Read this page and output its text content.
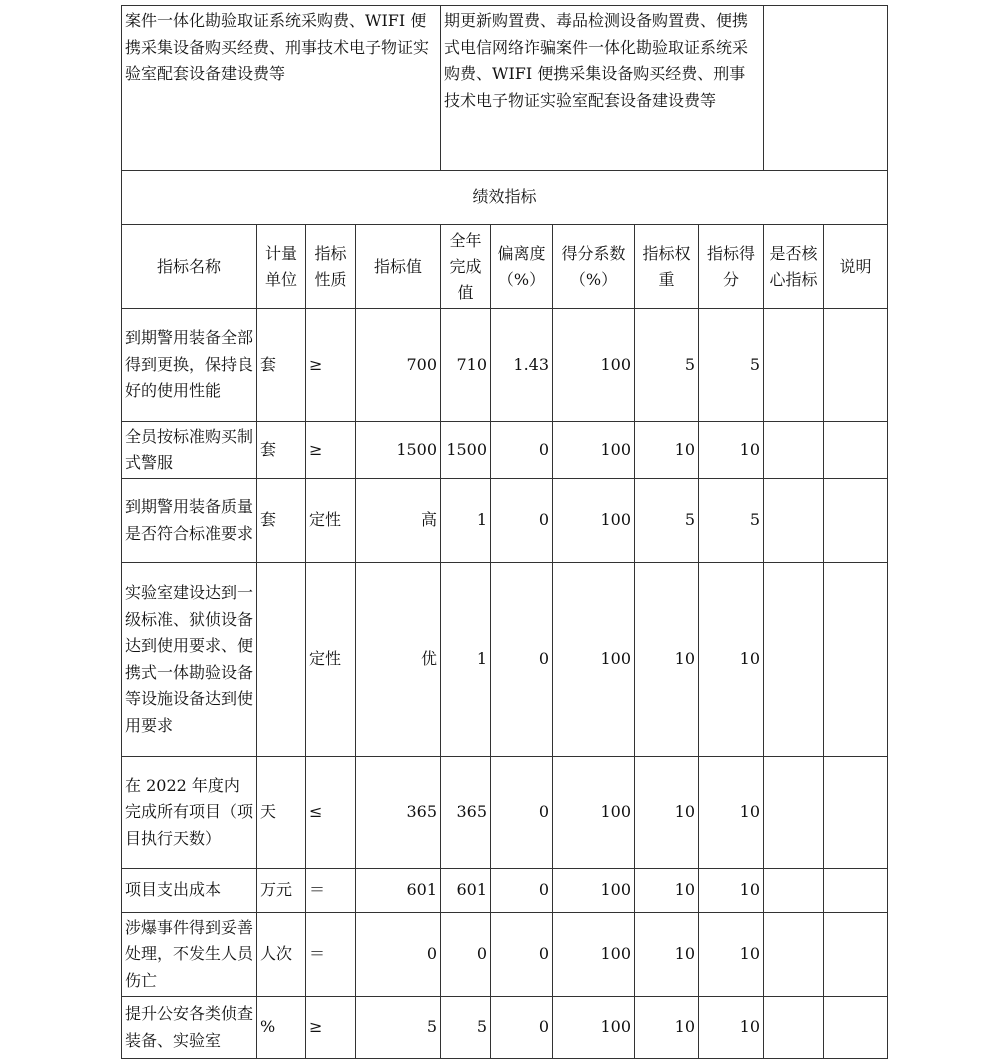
案件一体化勘验取证系统采购费、WIFI 便携采集设备购买经费、刑事技术电子物证实验室配套设备建设费等				期更新购置费、毒品检测设备购置费、便携式电信网络诈骗案件一体化勘验取证系统采购费、WIFI 便携采集设备购买经费、刑事技术电子物证实验室配套设备建设费等						
绩效指标										
指标名称	计量单位	指标性质	指标值	全年完成值	偏离度（%）	得分系数（%）	指标权重	指标得分	是否核心指标	说明
到期警用装备全部得到更换，保持良好的使用性能	套	≥	700	710	1.43	100	5	5		
全员按标准购买制式警服	套	≥	1500	1500	0	100	10	10		
到期警用装备质量是否符合标准要求	套	定性	高	1	0	100	5	5		
实验室建设达到一级标准、狱侦设备达到使用要求、便携式一体勘验设备等设施设备达到使用要求		定性	优	1	0	100	10	10		
在 2022 年度内完成所有项目（项目执行天数）	天	≤	365	365	0	100	10	10		
项目支出成本	万元	＝	601	601	0	100	10	10		
涉爆事件得到妥善处理，不发生人员伤亡	人次	＝	0	0	0	100	10	10		
提升公安各类侦查装备、实验室	%	≥	5	5	0	100	10	10		
